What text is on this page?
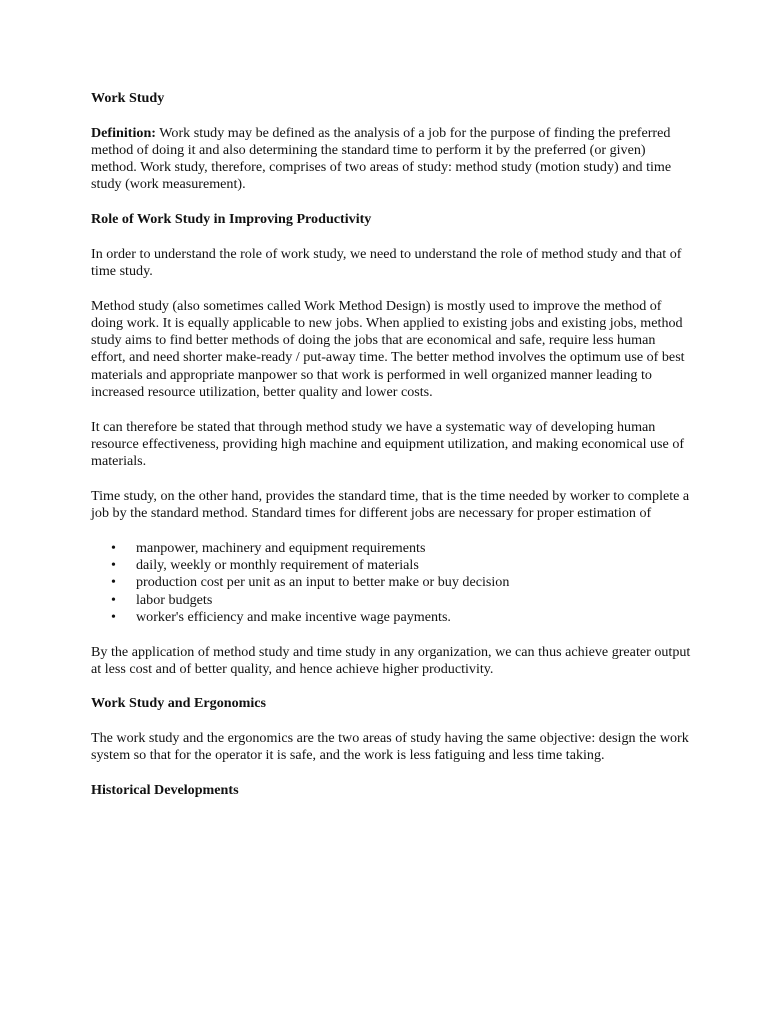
Work Study

Definition: Work study may be defined as the analysis of a job for the purpose of finding the preferred method of doing it and also determining the standard time to perform it by the preferred (or given) method. Work study, therefore, comprises of two areas of study: method study (motion study) and time study (work measurement).

Role of Work Study in Improving Productivity

In order to understand the role of work study, we need to understand the role of method study and that of time study.

Method study (also sometimes called Work Method Design) is mostly used to improve the method of doing work. It is equally applicable to new jobs. When applied to existing jobs and existing jobs, method study aims to find better methods of doing the jobs that are economical and safe, require less human effort, and need shorter make-ready / put-away time. The better method involves the optimum use of best materials and appropriate manpower so that work is performed in well organized manner leading to increased resource utilization, better quality and lower costs.

It can therefore be stated that through method study we have a systematic way of developing human resource effectiveness, providing high machine and equipment utilization, and making economical use of materials.

Time study, on the other hand, provides the standard time, that is the time needed by worker to complete a job by the standard method. Standard times for different jobs are necessary for proper estimation of

• manpower, machinery and equipment requirements
• daily, weekly or monthly requirement of materials
• production cost per unit as an input to better make or buy decision
• labor budgets
• worker's efficiency and make incentive wage payments.

By the application of method study and time study in any organization, we can thus achieve greater output at less cost and of better quality, and hence achieve higher productivity.

Work Study and Ergonomics

The work study and the ergonomics are the two areas of study having the same objective: design the work system so that for the operator it is safe, and the work is less fatiguing and less time taking.

Historical Developments
